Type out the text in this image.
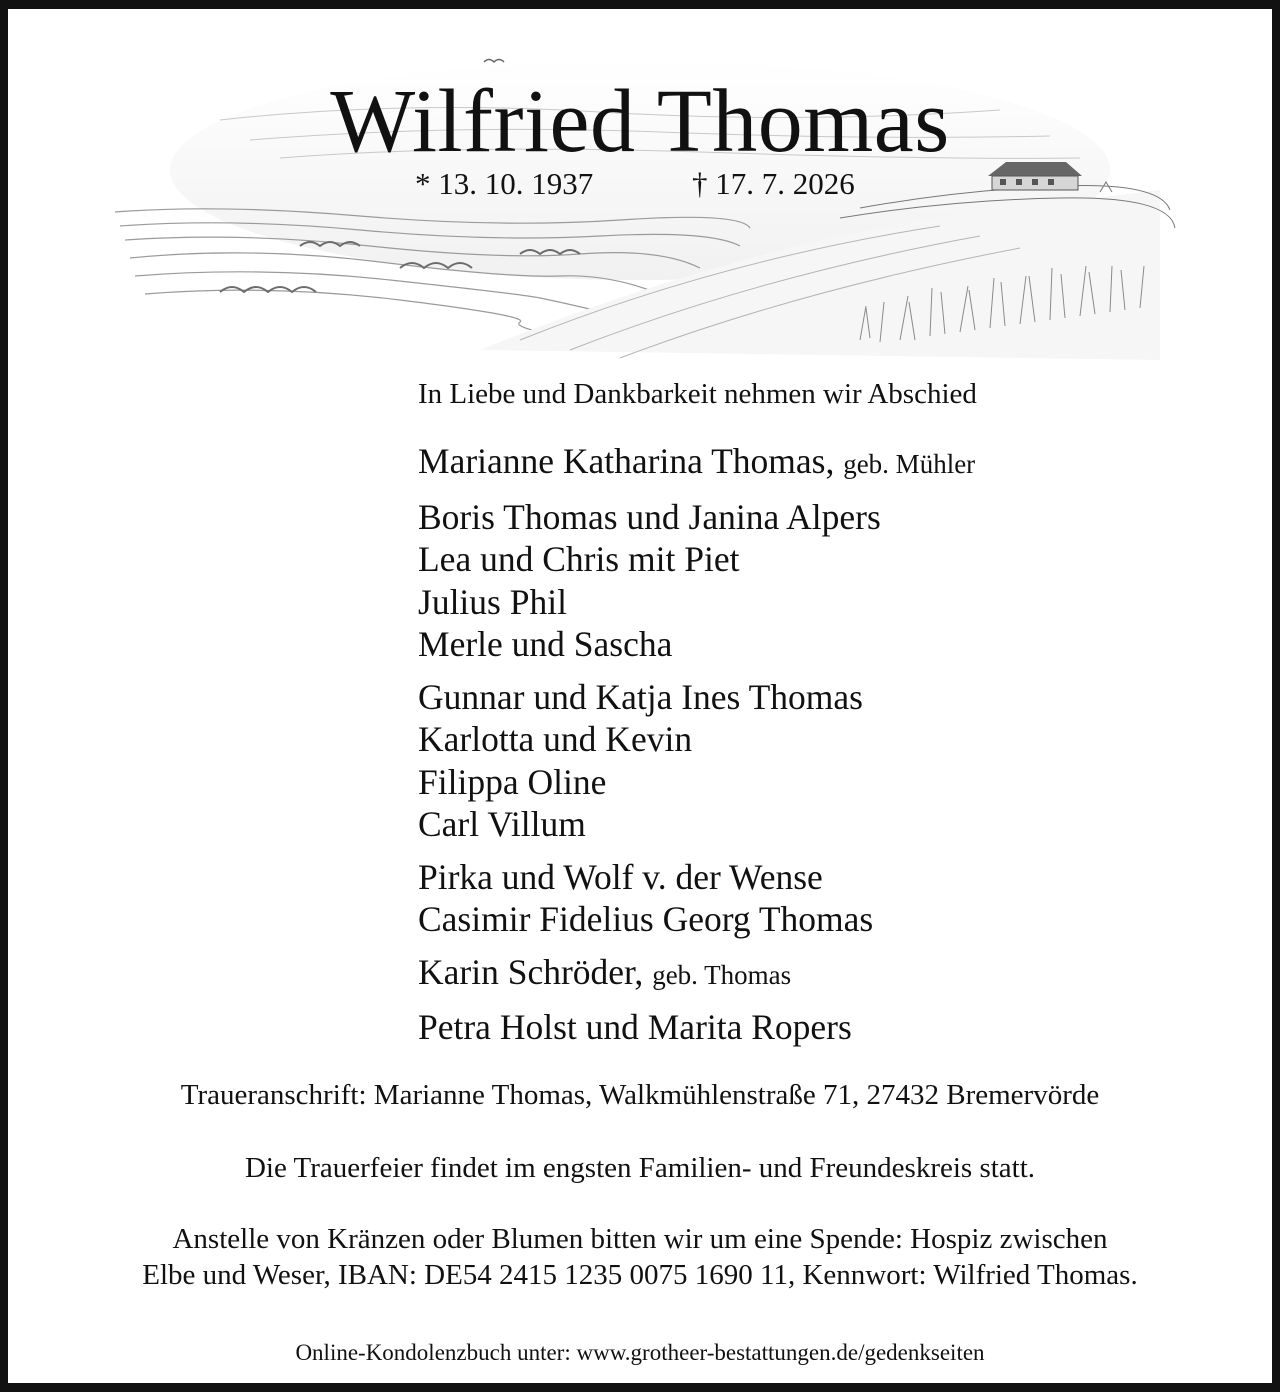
Wilfried Thomas
* 13. 10. 1937	† 17. 7. 2026
In Liebe und Dankbarkeit nehmen wir Abschied
Marianne Katharina Thomas, geb. Mühler
Boris Thomas und Janina Alpers
Lea und Chris mit Piet
Julius Phil
Merle und Sascha
Gunnar und Katja Ines Thomas
Karlotta und Kevin
Filippa Oline
Carl Villum
Pirka und Wolf v. der Wense
Casimir Fidelius Georg Thomas
Karin Schröder, geb. Thomas
Petra Holst und Marita Ropers
Traueranschrift: Marianne Thomas, Walkmühlenstraße 71, 27432 Bremervörde
Die Trauerfeier findet im engsten Familien- und Freundeskreis statt.
Anstelle von Kränzen oder Blumen bitten wir um eine Spende: Hospiz zwischen
Elbe und Weser, IBAN: DE54 2415 1235 0075 1690 11, Kennwort: Wilfried Thomas.
Online-Kondolenzbuch unter: www.grotheer-bestattungen.de/gedenkseiten
